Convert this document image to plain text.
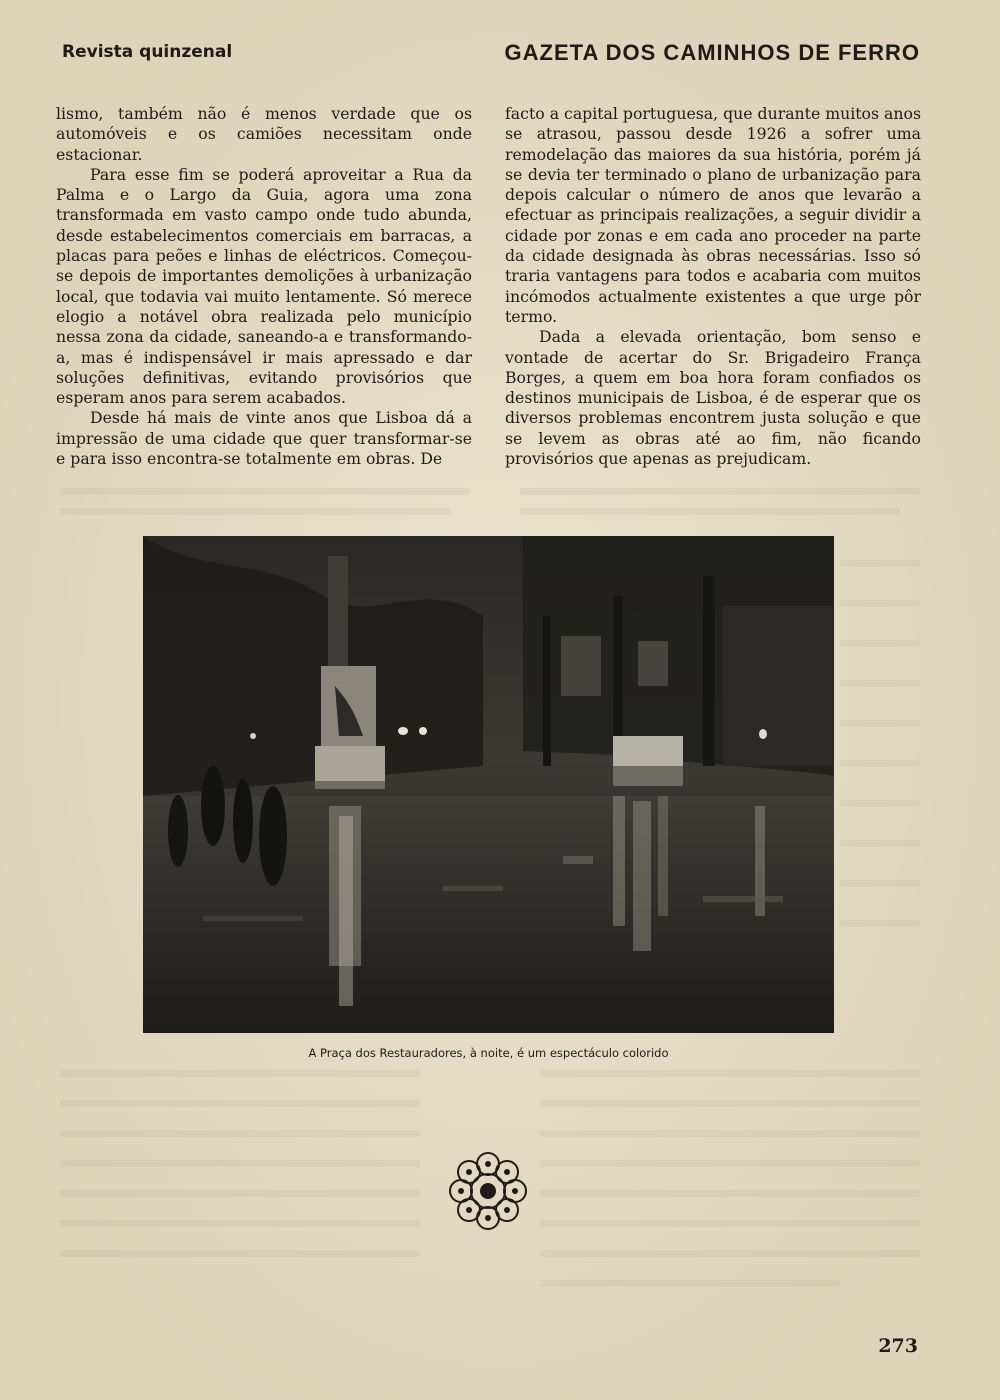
Revista quinzenal	GAZETA DOS CAMINHOS DE FERRO

lismo, também não é menos verdade que os automóveis e os camiões necessitam onde estacionar.

Para esse fim se poderá aproveitar a Rua da Palma e o Largo da Guia, agora uma zona transformada em vasto campo onde tudo abunda, desde estabelecimentos comerciais em barracas, a placas para peões e linhas de eléctricos. Começou-se depois de importantes demolições à urbanização local, que todavia vai muito lentamente. Só merece elogio a notável obra realizada pelo município nessa zona da cidade, saneando-a e transformando-a, mas é indispensável ir mais apressado e dar soluções definitivas, evitando provisórios que esperam anos para serem acabados.

Desde há mais de vinte anos que Lisboa dá a impressão de uma cidade que quer transformar-se e para isso encontra-se totalmente em obras. De

facto a capital portuguesa, que durante muitos anos se atrasou, passou desde 1926 a sofrer uma remodelação das maiores da sua história, porém já se devia ter terminado o plano de urbanização para depois calcular o número de anos que levarão a efectuar as principais realizações, a seguir dividir a cidade por zonas e em cada ano proceder na parte da cidade designada às obras necessárias. Isso só traria vantagens para todos e acabaria com muitos incómodos actualmente existentes a que urge pôr termo.

Dada a elevada orientação, bom senso e vontade de acertar do Sr. Brigadeiro França Borges, a quem em boa hora foram confiados os destinos municipais de Lisboa, é de esperar que os diversos problemas encontrem justa solução e que se levem as obras até ao fim, não ficando provisórios que apenas as prejudicam.

A Praça dos Restauradores, à noite, é um espectáculo colorido
273
